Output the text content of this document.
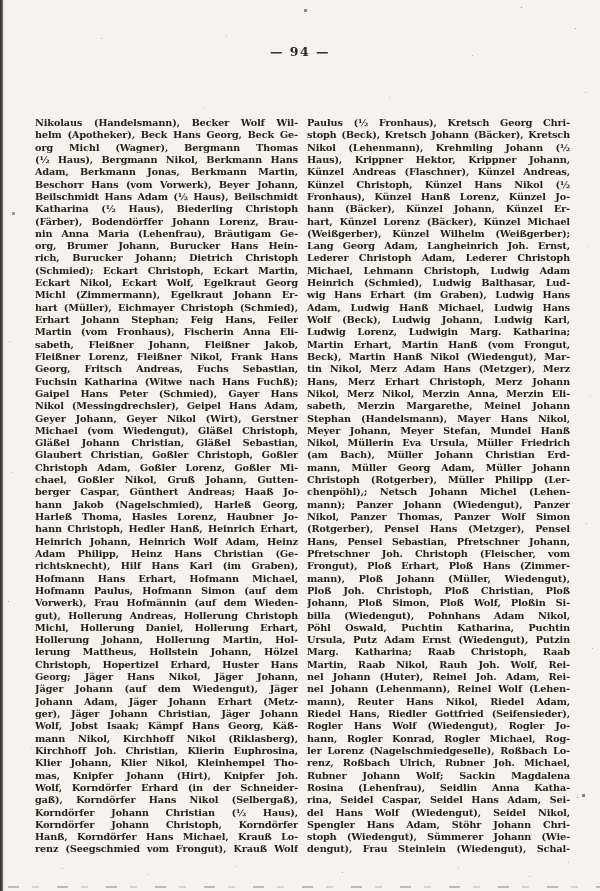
— 94 —
Nikolaus (Handelsmann), Becker Wolf Wil-
helm (Apotheker), Beck Hans Georg, Beck Ge-
org Michl (Wagner), Bergmann Thomas
(½ Haus), Bergmann Nikol, Berkmann Hans
Adam, Berkmann Jonas, Berkmann Martin,
Beschorr Hans (vom Vorwerk), Beyer Johann,
Beilschmidt Hans Adam (½ Haus), Beilschmidt
Katharina (½ Haus), Biederling Christoph
(Färber), Bodendörffer Johann Lorenz, Brau-
nin Anna Maria (Lehenfrau), Bräutigam Ge-
org, Brumer Johann, Burucker Hans Hein-
rich, Burucker Johann; Dietrich Christoph
(Schmied); Eckart Christoph, Eckart Martin,
Eckart Nikol, Eckart Wolf, Egelkraut Georg
Michl (Zimmermann), Egelkraut Johann Er-
hart (Müller), Eichmayer Christoph (Schmied),
Erhart Johann Stephan; Feig Hans, Feiler
Martin (vom Fronhaus), Fischerin Anna Eli-
sabeth, Fleißner Johann, Fleißner Jakob,
Fleißner Lorenz, Fleißner Nikol, Frank Hans
Georg, Fritsch Andreas, Fuchs Sebastian,
Fuchsin Katharina (Witwe nach Hans Fuchß);
Gaipel Hans Peter (Schmied), Gayer Hans
Nikol (Messingdrechsler), Geipel Hans Adam,
Geyer Johann, Geyer Nikol (Wirt), Gerstner
Michael (vom Wiedengut), Gläßel Christoph,
Gläßel Johann Christian, Gläßel Sebastian,
Glaubert Christian, Goßler Christoph, Goßler
Christoph Adam, Goßler Lorenz, Goßler Mi-
chael, Goßler Nikol, Gruß Johann, Gutten-
berger Caspar, Günthert Andreas; Haaß Jo-
hann Jakob (Nagelschmied), Harleß Georg,
Harleß Thoma, Hasles Lorenz, Haubner Jo-
hann Christoph, Hedler Hanß, Heinrich Erhart,
Heinrich Johann, Heinrich Wolf Adam, Heinz
Adam Philipp, Heinz Hans Christian (Ge-
richtsknecht), Hilf Hans Karl (im Graben),
Hofmann Hans Erhart, Hofmann Michael,
Hofmann Paulus, Hofmann Simon (auf dem
Vorwerk), Frau Hofmännin (auf dem Wieden-
gut), Hollerung Andreas, Hollerung Christoph
Michl, Hollerung Daniel, Hollerung Erhart,
Hollerung Johann, Hollerung Martin, Hol-
lerung Mattheus, Hollstein Johann, Hölzel
Christoph, Hopertizel Erhard, Huster Hans
Georg; Jäger Hans Nikol, Jäger Johann,
Jäger Johann (auf dem Wiedengut), Jäger
Johann Adam, Jäger Johann Erhart (Metz-
ger), Jäger Johann Christian, Jäger Johann
Wolf, Jobst Isaak; Kämpf Hans Georg, Käß-
mann Nikol, Kirchhoff Nikol (Riklasberg),
Kirchhoff Joh. Christian, Klierin Euphrosina,
Klier Johann, Klier Nikol, Kleinhempel Tho-
mas, Knipfer Johann (Hirt), Knipfer Joh.
Wolf, Korndörfer Erhard (in der Schneider-
gaß), Korndörfer Hans Nikol (Selbergaß),
Korndörfer Johann Christian (½ Haus),
Korndörfer Johann Christoph, Korndörfer
Hanß, Korndörfer Hans Michael, Krauß Lo-
renz (Seegschmied vom Frongut), Krauß Wolf
Paulus (½ Fronhaus), Kretsch Georg Chri-
stoph (Beck), Kretsch Johann (Bäcker), Kretsch
Nikol (Lehenmann), Krehmling Johann (½
Haus), Krippner Hektor, Krippner Johann,
Künzel Andreas (Flaschner), Künzel Andreas,
Künzel Christoph, Künzel Hans Nikol (½
Fronhaus), Künzel Hanß Lorenz, Künzel Jo-
hann (Bäcker), Künzel Johann, Künzel Er-
hart, Künzel Lorenz (Bäcker), Künzel Michael
(Weißgerber), Künzel Wilhelm (Weißgerber);
Lang Georg Adam, Langheinrich Joh. Ernst,
Lederer Christoph Adam, Lederer Christoph
Michael, Lehmann Christoph, Ludwig Adam
Heinrich (Schmied), Ludwig Balthasar, Lud-
wig Hans Erhart (im Graben), Ludwig Hans
Adam, Ludwig Hanß Michael, Ludwig Hans
Wolf (Beck), Ludwig Johann, Ludwig Karl,
Ludwig Lorenz, Ludwigin Marg. Katharina;
Martin Erhart, Martin Hanß (vom Frongut,
Beck), Martin Hanß Nikol (Wiedengut), Mar-
tin Nikol, Merz Adam Hans (Metzger), Merz
Hans, Merz Erhart Christoph, Merz Johann
Nikol, Merz Nikol, Merzin Anna, Merzin Eli-
sabeth, Merzin Margarethe, Meinel Johann
Stephan (Handelsmann), Mayer Hans Nikol,
Meyer Johann, Meyer Stefan, Mundel Hanß
Nikol, Müllerin Eva Ursula, Müller Friedrich
(am Bach), Müller Johann Christian Erd-
mann, Müller Georg Adam, Müller Johann
Christoph (Rotgerber), Müller Philipp (Ler-
chenpöhl),; Netsch Johann Michel (Lehen-
mann); Panzer Johann (Wiedengut), Panzer
Nikol, Panzer Thomas, Panzer Wolf Simon
(Rotgerber), Pensel Hans (Metzger), Pensel
Hans, Pensel Sebastian, Pfretschner Johann,
Pfretschner Joh. Christoph (Fleischer, vom
Frongut), Ploß Erhart, Ploß Hans (Zimmer-
mann), Ploß Johann (Müller, Wiedengut),
Ploß Joh. Christoph, Ploß Christian, Ploß
Johann, Ploß Simon, Ploß Wolf, Ploßin Si-
billa (Wiedengut), Pohnhans Adam Nikol,
Pöhl Oswald, Puchtin Katharina, Puchtin
Ursula, Putz Adam Ernst (Wiedengut), Putzin
Marg. Katharina; Raab Christoph, Raab
Martin, Raab Nikol, Rauh Joh. Wolf, Rei-
nel Johann (Huter), Reinel Joh. Adam, Rei-
nel Johann (Lehenmann), Reinel Wolf (Lehen-
mann), Reuter Hans Nikol, Riedel Adam,
Riedel Hans, Riedler Gottfried (Seifensieder),
Rogler Hans Wolf (Wiedengut), Rogler Jo-
hann, Rogler Konrad, Rogler Michael, Rog-
ler Lorenz (Nagelschmiedgeselle), Roßbach Lo-
renz, Roßbach Ulrich, Rubner Joh. Michael,
Rubner Johann Wolf; Sackin Magdalena
Rosina (Lehenfrau), Seidlin Anna Katha-
rina, Seidel Caspar, Seidel Hans Adam, Sei-
del Hans Wolf (Wiedengut), Seidel Nikol,
Spengler Hans Adam, Stöhr Johann Chri-
stoph (Wiedengut), Sümmerer Johann (Wie-
dengut), Frau Steinlein (Wiedengut), Schal-
